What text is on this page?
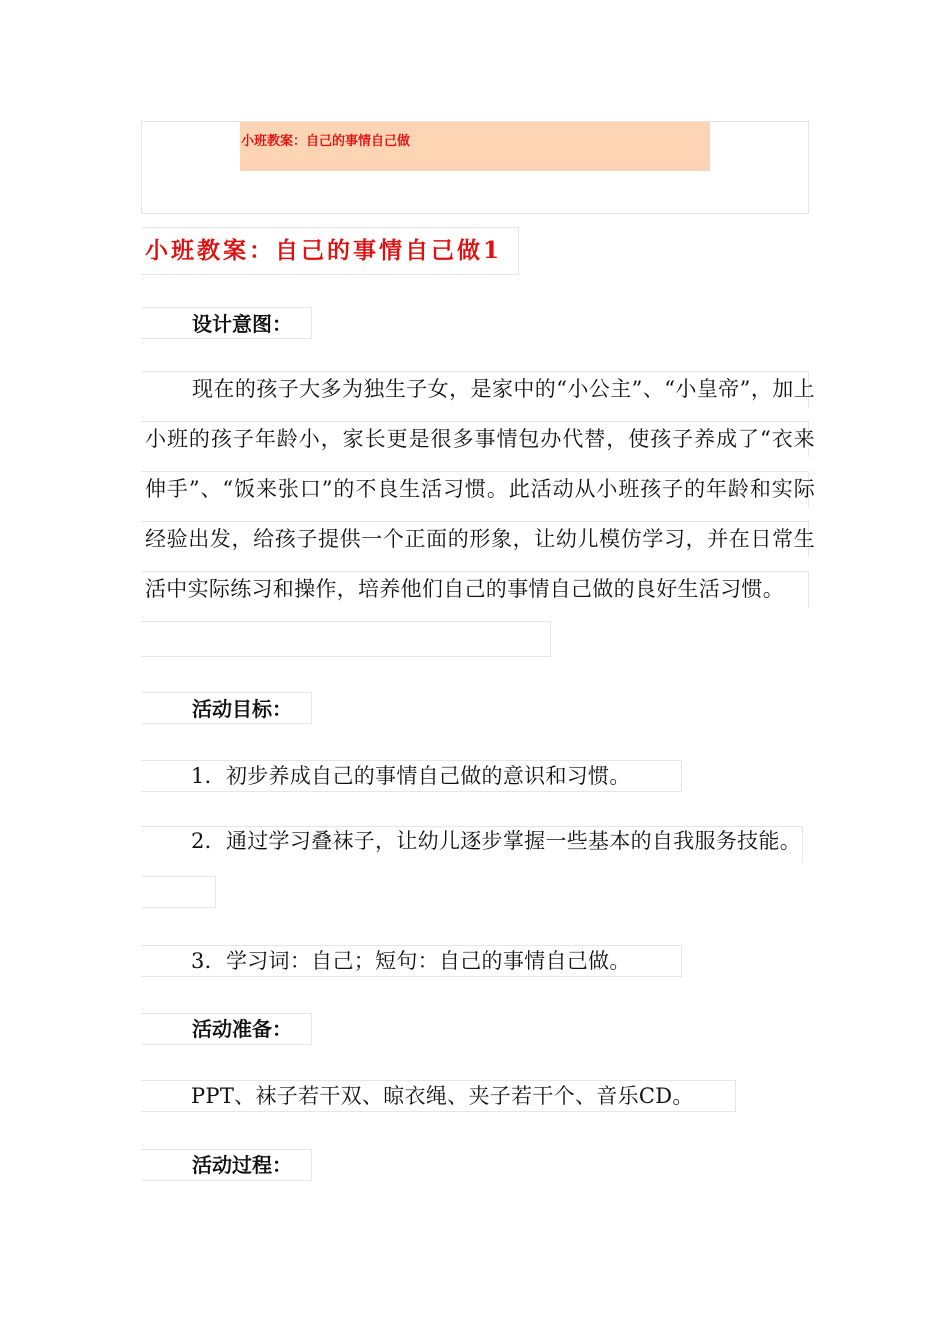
小班教案：自己的事情自己做
小班教案：自己的事情自己做1
设计意图：

现在的孩子大多为独生子女，是家中的“小公主”、“小皇帝”，加上小班的孩子年龄小，家长更是很多事情包办代替，使孩子养成了“衣来伸手”、“饭来张口”的不良生活习惯。此活动从小班孩子的年龄和实际经验出发，给孩子提供一个正面的形象，让幼儿模仿学习，并在日常生活中实际练习和操作，培养他们自己的事情自己做的良好生活习惯。

活动目标：
1．初步养成自己的事情自己做的意识和习惯。

2．通过学习叠袜子，让幼儿逐步掌握一些基本的自我服务技能。

3．学习词：自己；短句：自己的事情自己做。
活动准备：
PPT、袜子若干双、晾衣绳、夹子若干个、音乐CD。
活动过程：
